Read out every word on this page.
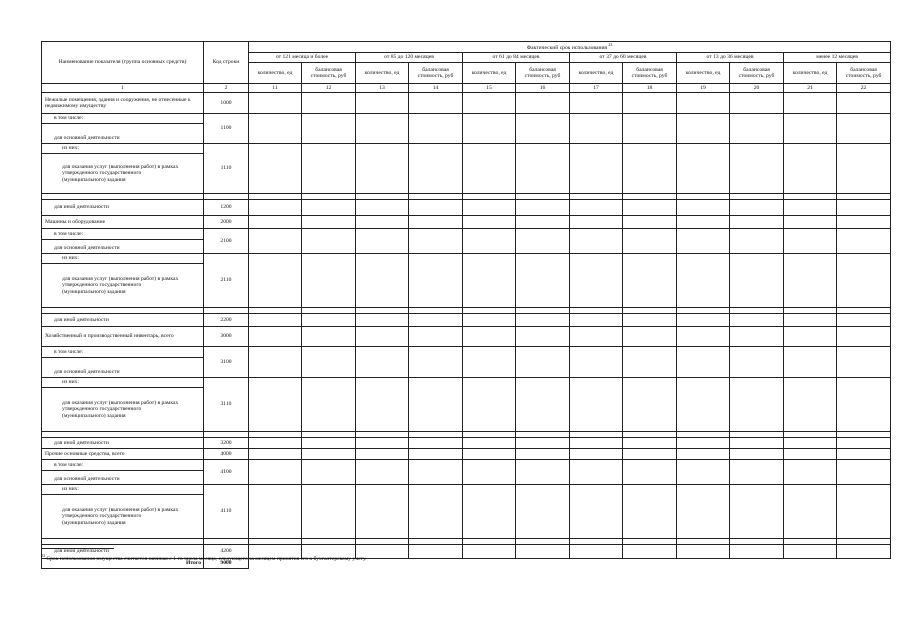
Наименование показателя (группа основных средств)	Код строки	Фактический срок использования $^{23}$
		от 121 месяца и более		от 85 до 120 месяцев		от 61 до 84 месяцев		от 37 до 60 месяцев		от 13 до 36 месяцев		менее 12 месяцев	
		количество, ед	балансовая стоимость, руб	количество, ед	балансовая стоимость, руб	количество, ед	балансовая стоимость, руб	количество, ед	балансовая стоимость, руб	количество, ед	балансовая стоимость, руб	количество, ед	балансовая стоимость, руб
1	2	11	12	13	14	15	16	17	18	19	20	21	22
Нежилые помещения, здания и сооружения, не отнесенные к недвижимому имуществу	1000												
в том числе:	1100												
для основной деятельности													
из них:	1110												

для оказания услуг (выполнения работ) в рамках
утвержденного государственного
(муниципального) задания													

для иной деятельности	1200												
Машины и оборудование	2000												
в том числе:	2100												
для основной деятельности													
из них:	2110												

для оказания услуг (выполнения работ) в рамках
утвержденного государственного
(муниципального) задания													

для иной деятельности	2200												
Хозяйственный и производственный инвентарь, всего	3000												
в том числе:	3100												
для основной деятельности													
из них:	3110												

для оказания услуг (выполнения работ) в рамках
утвержденного государственного
(муниципального) задания													

для иной деятельности	3200												
Прочие основные средства, всего	4000												
в том числе:	4100												
для основной деятельности													
из них:	4110												

для оказания услуг (выполнения работ) в рамках
утвержденного государственного
(муниципального) задания													

для иной деятельности	4200												
Итого	9000												
$^{23}$ Срок использования имущества считается начиная с 1-го числа месяца, следующего за месяцем принятия его к бухгалтерскому учету.
